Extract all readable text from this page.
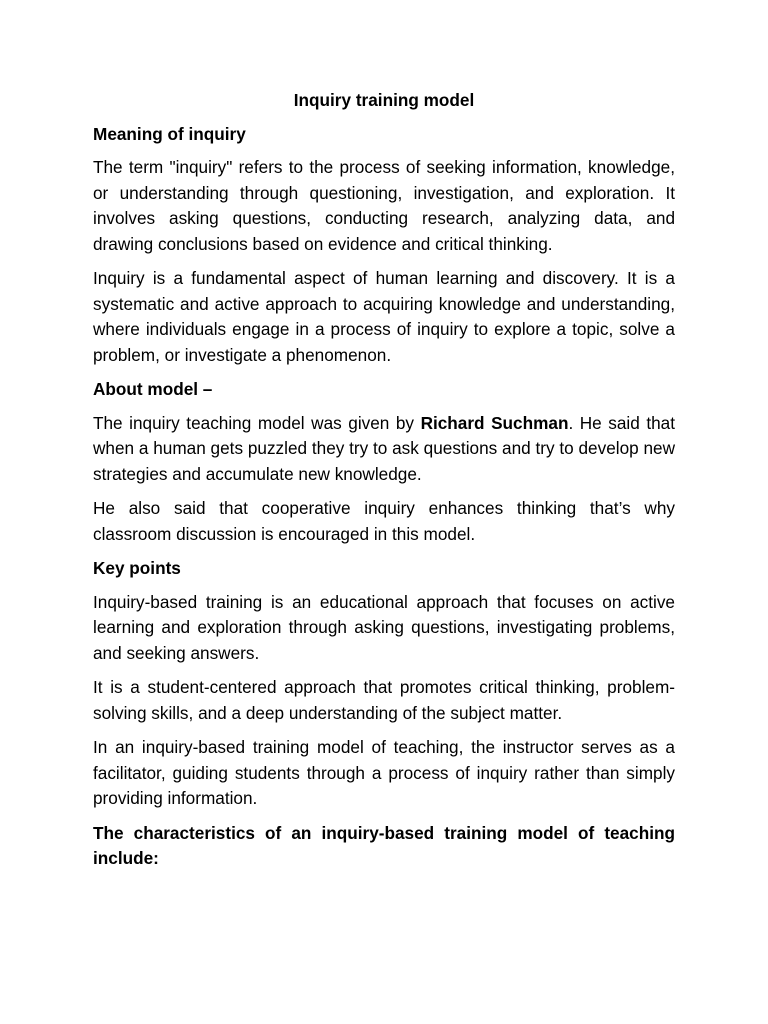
Inquiry training model
Meaning of inquiry
The term "inquiry" refers to the process of seeking information, knowledge, or understanding through questioning, investigation, and exploration. It involves asking questions, conducting research, analyzing data, and drawing conclusions based on evidence and critical thinking.
Inquiry is a fundamental aspect of human learning and discovery. It is a systematic and active approach to acquiring knowledge and understanding, where individuals engage in a process of inquiry to explore a topic, solve a problem, or investigate a phenomenon.
About model –
The inquiry teaching model was given by Richard Suchman. He said that when a human gets puzzled they try to ask questions and try to develop new strategies and accumulate new knowledge.
He also said that cooperative inquiry enhances thinking that’s why classroom discussion is encouraged in this model.
Key points
Inquiry-based training is an educational approach that focuses on active learning and exploration through asking questions, investigating problems, and seeking answers.
It is a student-centered approach that promotes critical thinking, problem-solving skills, and a deep understanding of the subject matter.
In an inquiry-based training model of teaching, the instructor serves as a facilitator, guiding students through a process of inquiry rather than simply providing information.
The characteristics of an inquiry-based training model of teaching include:
